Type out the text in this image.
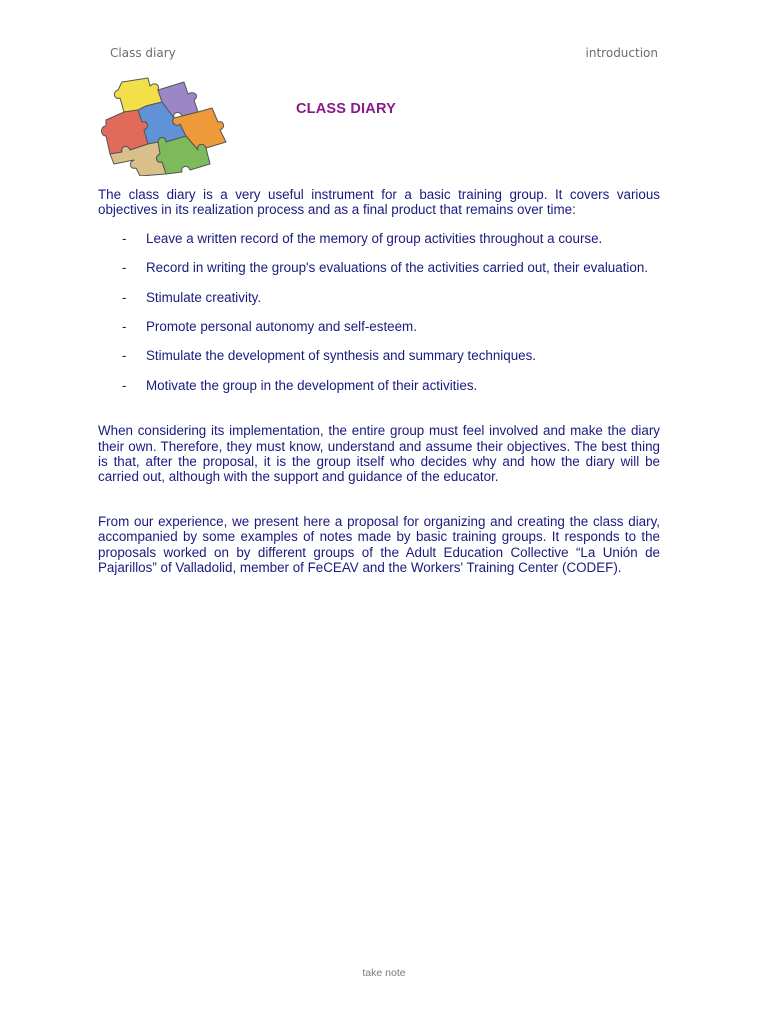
Class diary	introduction
CLASS DIARY

The class diary is a very useful instrument for a basic training group. It covers various objectives in its realization process and as a final product that remains over time:

- Leave a written record of the memory of group activities throughout a course.
- Record in writing the group's evaluations of the activities carried out, their evaluation.
- Stimulate creativity.
- Promote personal autonomy and self-esteem.
- Stimulate the development of synthesis and summary techniques.
- Motivate the group in the development of their activities.

When considering its implementation, the entire group must feel involved and make the diary their own. Therefore, they must know, understand and assume their objectives. The best thing is that, after the proposal, it is the group itself who decides why and how the diary will be carried out, although with the support and guidance of the educator.

From our experience, we present here a proposal for organizing and creating the class diary, accompanied by some examples of notes made by basic training groups. It responds to the proposals worked on by different groups of the Adult Education Collective “La Unión de Pajarillos” of Valladolid, member of FeCEAV and the Workers' Training Center (CODEF).

take note
